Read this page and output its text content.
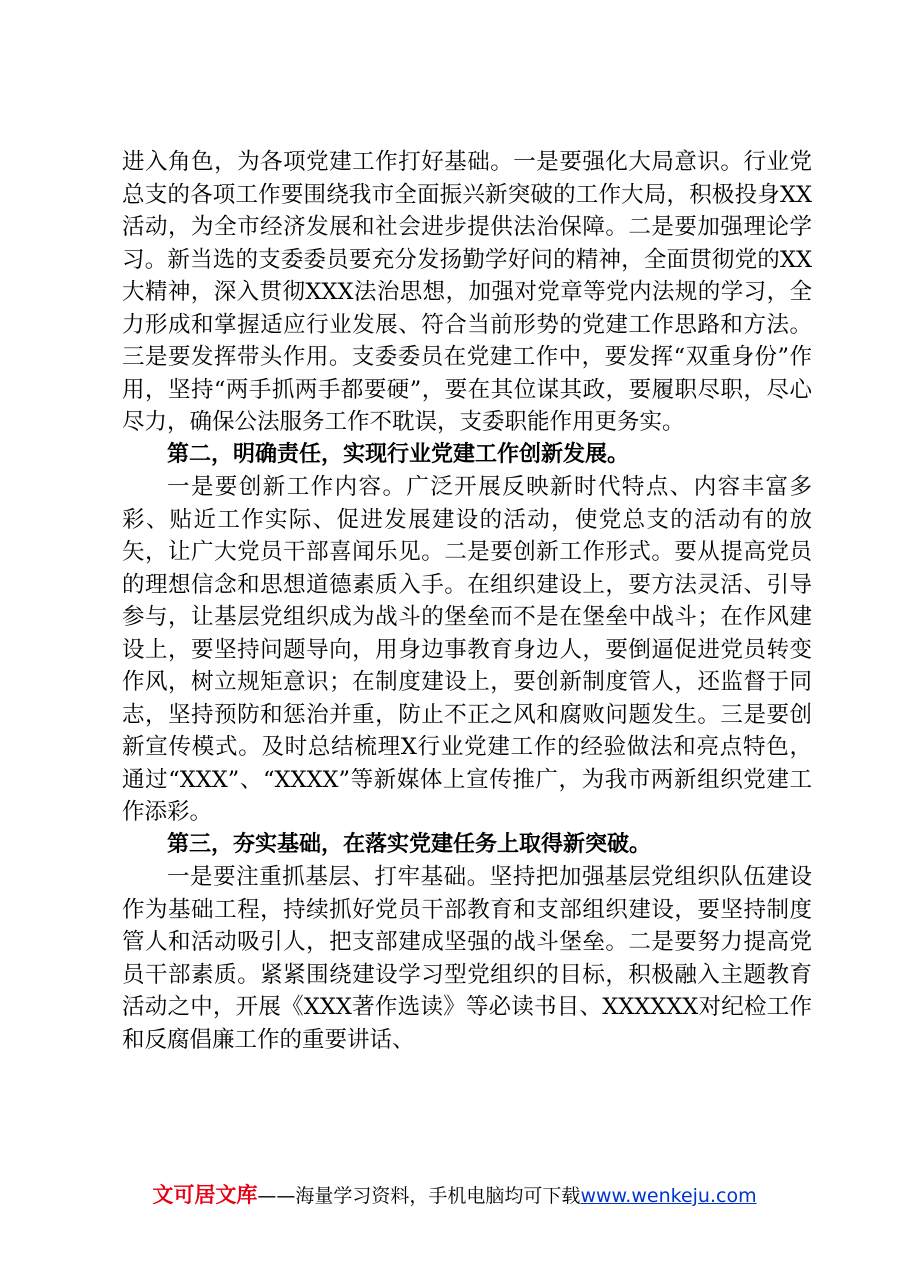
进入角色，为各项党建工作打好基础。一是要强化大局意识。行业党总支的各项工作要围绕我市全面振兴新突破的工作大局，积极投身XX活动，为全市经济发展和社会进步提供法治保障。二是要加强理论学习。新当选的支委委员要充分发扬勤学好问的精神，全面贯彻党的XX大精神，深入贯彻XXX法治思想，加强对党章等党内法规的学习，全力形成和掌握适应行业发展、符合当前形势的党建工作思路和方法。三是要发挥带头作用。支委委员在党建工作中，要发挥“双重身份”作用，坚持“两手抓两手都要硬”，要在其位谋其政，要履职尽职，尽心尽力，确保公法服务工作不耽误，支委职能作用更务实。

第二，明确责任，实现行业党建工作创新发展。

一是要创新工作内容。广泛开展反映新时代特点、内容丰富多彩、贴近工作实际、促进发展建设的活动，使党总支的活动有的放矢，让广大党员干部喜闻乐见。二是要创新工作形式。要从提高党员的理想信念和思想道德素质入手。在组织建设上，要方法灵活、引导参与，让基层党组织成为战斗的堡垒而不是在堡垒中战斗；在作风建设上，要坚持问题导向，用身边事教育身边人，要倒逼促进党员转变作风，树立规矩意识；在制度建设上，要创新制度管人，还监督于同志，坚持预防和惩治并重，防止不正之风和腐败问题发生。三是要创新宣传模式。及时总结梳理X行业党建工作的经验做法和亮点特色，通过“XXX”、“XXXX”等新媒体上宣传推广，为我市两新组织党建工作添彩。

第三，夯实基础，在落实党建任务上取得新突破。

一是要注重抓基层、打牢基础。坚持把加强基层党组织队伍建设作为基础工程，持续抓好党员干部教育和支部组织建设，要坚持制度管人和活动吸引人，把支部建成坚强的战斗堡垒。二是要努力提高党员干部素质。紧紧围绕建设学习型党组织的目标，积极融入主题教育活动之中，开展《XXX著作选读》等必读书目、XXXXXX对纪检工作和反腐倡廉工作的重要讲话、

文可居文库——海量学习资料，手机电脑均可下载www.wenkeju.com
